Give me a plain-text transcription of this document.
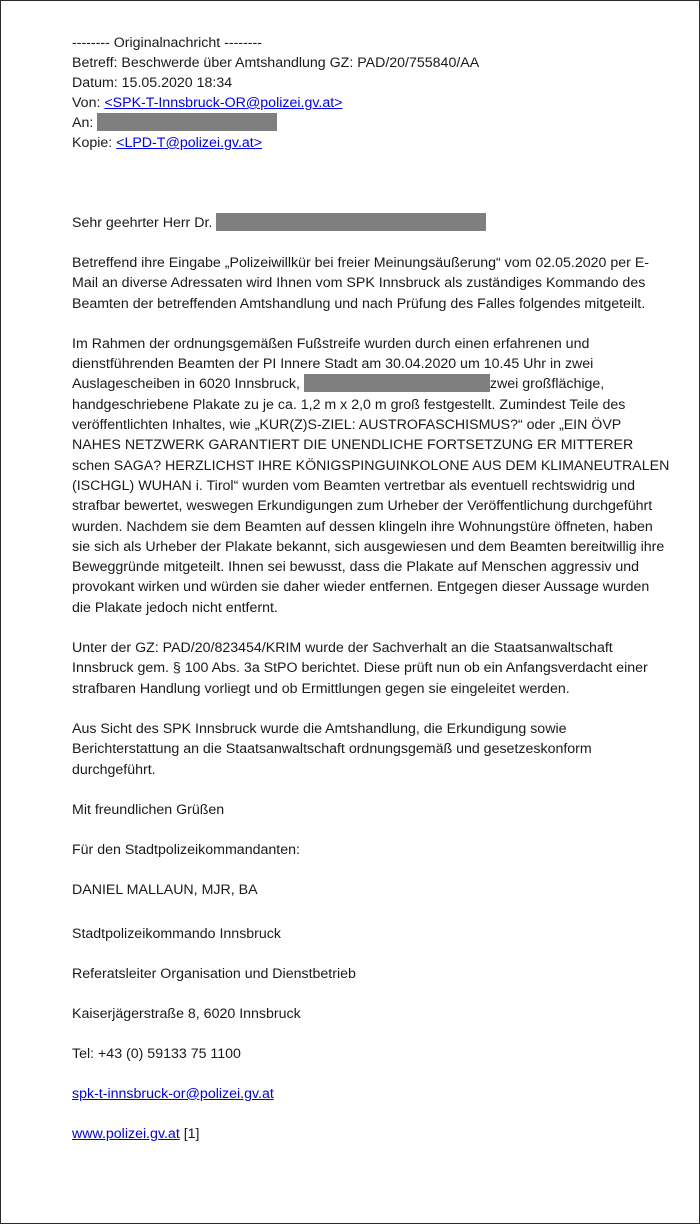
-------- Originalnachricht --------
Betreff: Beschwerde über Amtshandlung GZ: PAD/20/755840/AA
Datum: 15.05.2020 18:34
Von: <SPK-T-Innsbruck-OR@polizei.gv.at>
An:
Kopie: <LPD-T@polizei.gv.at>
Sehr geehrter Herr Dr.

Betreffend ihre Eingabe „Polizeiwillkür bei freier Meinungsäußerung“ vom 02.05.2020 per E-Mail an diverse Adressaten wird Ihnen vom SPK Innsbruck als zuständiges Kommando des Beamten der betreffenden Amtshandlung und nach Prüfung des Falles folgendes mitgeteilt.

Im Rahmen der ordnungsgemäßen Fußstreife wurden durch einen erfahrenen und
dienstführenden Beamten der PI Innere Stadt am 30.04.2020 um 10.45 Uhr in zwei
Auslagescheiben in 6020 Innsbruck,	zwei großflächige,
handgeschriebene Plakate zu je ca. 1,2 m x 2,0 m groß festgestellt. Zumindest Teile des veröffentlichten Inhaltes, wie „KUR(Z)S-ZIEL: AUSTROFASCHISMUS?“ oder „EIN ÖVP NAHES NETZWERK GARANTIERT DIE UNENDLICHE FORTSETZUNG ER MITTERER schen SAGA? HERZLICHST IHRE KÖNIGSPINGUINKOLONE AUS DEM KLIMANEUTRALEN (ISCHGL) WUHAN i. Tirol“ wurden vom Beamten vertretbar als eventuell rechtswidrig und strafbar bewertet, weswegen Erkundigungen zum Urheber der Veröffentlichung durchgeführt wurden. Nachdem sie dem Beamten auf dessen klingeln ihre Wohnungstüre öffneten, haben sie sich als Urheber der Plakate bekannt, sich ausgewiesen und dem Beamten bereitwillig ihre Beweggründe mitgeteilt. Ihnen sei bewusst, dass die Plakate auf Menschen aggressiv und provokant wirken und würden sie daher wieder entfernen. Entgegen dieser Aussage wurden die Plakate jedoch nicht entfernt.

Unter der GZ: PAD/20/823454/KRIM wurde der Sachverhalt an die Staatsanwaltschaft Innsbruck gem. § 100 Abs. 3a StPO berichtet. Diese prüft nun ob ein Anfangsverdacht einer strafbaren Handlung vorliegt und ob Ermittlungen gegen sie eingeleitet werden.

Aus Sicht des SPK Innsbruck wurde die Amtshandlung, die Erkundigung sowie Berichterstattung an die Staatsanwaltschaft ordnungsgemäß und gesetzeskonform durchgeführt.

Mit freundlichen Grüßen
Für den Stadtpolizeikommandanten:
DANIEL MALLAUN, MJR, BA
Stadtpolizeikommando Innsbruck
Referatsleiter Organisation und Dienstbetrieb
Kaiserjägerstraße 8, 6020 Innsbruck
Tel: +43 (0) 59133 75 1100
spk-t-innsbruck-or@polizei.gv.at
www.polizei.gv.at [1]
